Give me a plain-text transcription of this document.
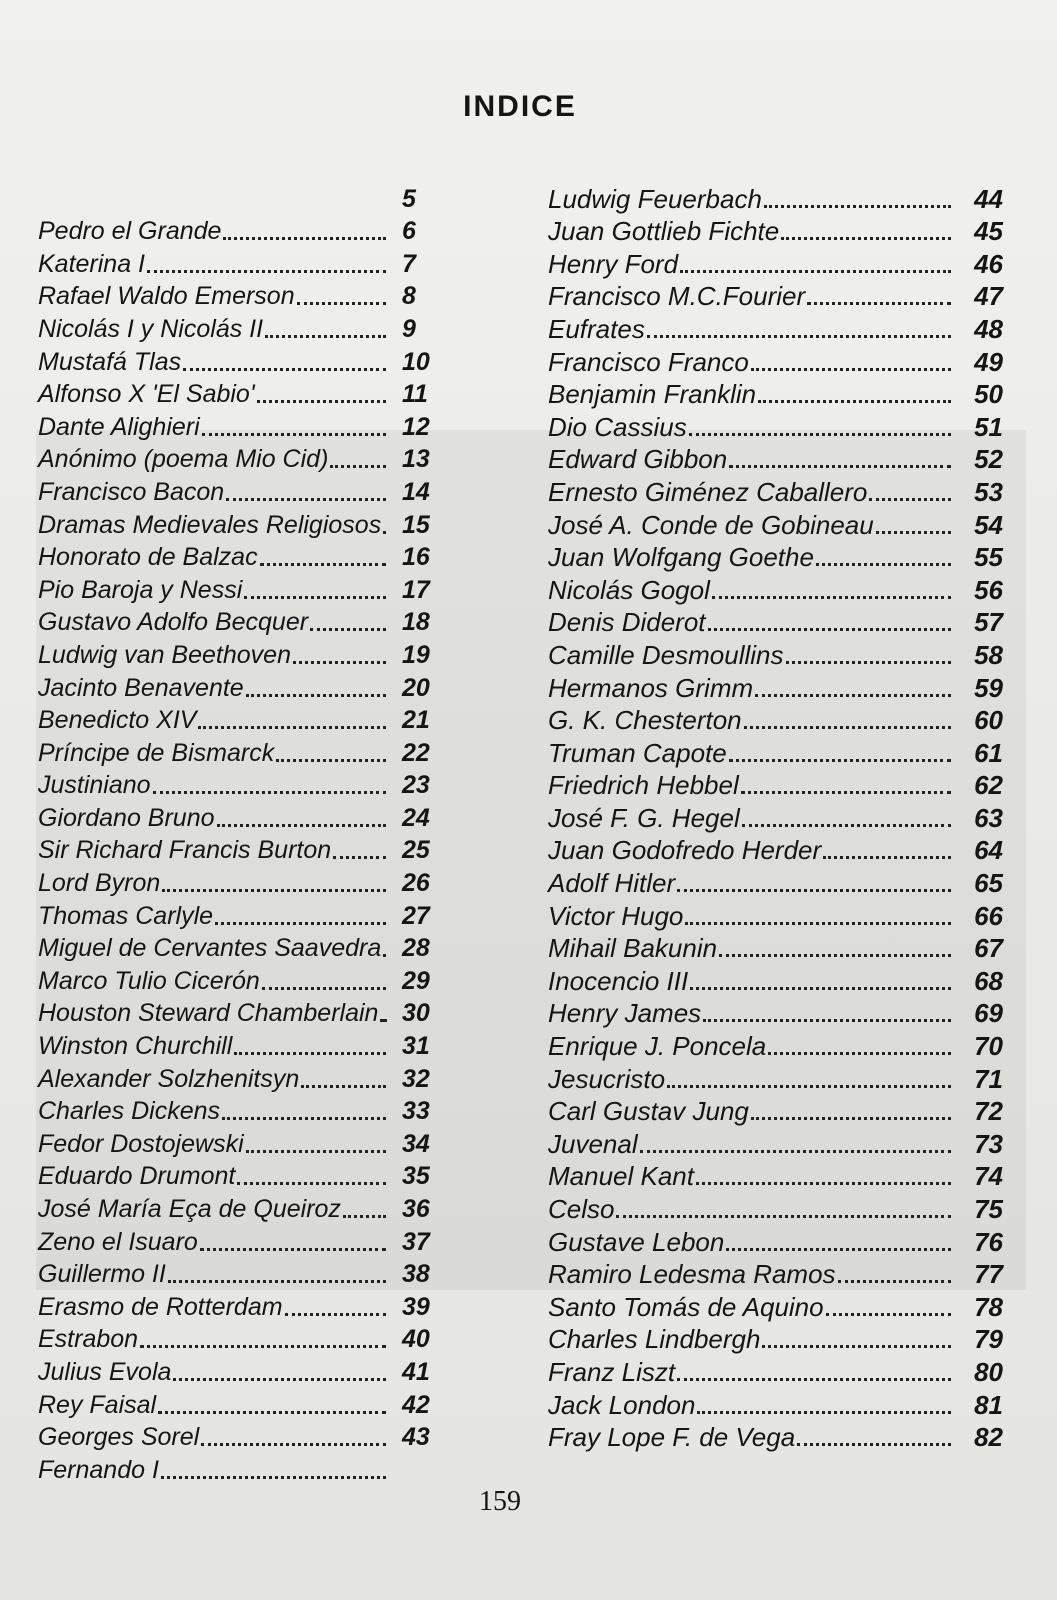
INDICE
5
Pedro el Grande	6
Katerina I	7
Rafael Waldo Emerson	8
Nicolás I y Nicolás II	9
Mustafá Tlas	10
Alfonso X 'El Sabio'	11
Dante Alighieri	12
Anónimo (poema Mio Cid)	13
Francisco Bacon	14
Dramas Medievales Religiosos 15
Honorato de Balzac	16
Pio Baroja y Nessi	17
Gustavo Adolfo Becquer	18
Ludwig van Beethoven	19
Jacinto Benavente	20
Benedicto XIV	21
Príncipe de Bismarck	22
Justiniano	23
Giordano Bruno	24
Sir Richard Francis Burton	25
Lord Byron	26
Thomas Carlyle	27
Miguel de Cervantes Saavedra 28
Marco Tulio Cicerón	29
Houston Steward Chamberlain 30
Winston Churchill	31
Alexander Solzhenitsyn	32
Charles Dickens	33
Fedor Dostojewski	34
Eduardo Drumont	35
José María Eça de Queiroz	36
Zeno el Isuaro	37
Guillermo II	38
Erasmo de Rotterdam	39
Estrabon	40
Julius Evola	41
Rey Faisal	42
Georges Sorel	43
Fernando I
Ludwig Feuerbach	44
Juan Gottlieb Fichte	45
Henry Ford	46
Francisco M.C.Fourier	47
Eufrates	48
Francisco Franco	49
Benjamin Franklin	50
Dio Cassius	51
Edward Gibbon	52
Ernesto Giménez Caballero	53
José A. Conde de Gobineau	54
Juan Wolfgang Goethe	55
Nicolás Gogol	56
Denis Diderot	57
Camille Desmoullins	58
Hermanos Grimm	59
G. K. Chesterton	60
Truman Capote	61
Friedrich Hebbel	62
José F. G. Hegel	63
Juan Godofredo Herder	64
Adolf Hitler	65
Victor Hugo	66
Mihail Bakunin	67
Inocencio III	68
Henry James	69
Enrique J. Poncela	70
Jesucristo	71
Carl Gustav Jung	72
Juvenal	73
Manuel Kant	74
Celso	75
Gustave Lebon	76
Ramiro Ledesma Ramos	77
Santo Tomás de Aquino	78
Charles Lindbergh	79
Franz Liszt	80
Jack London	81
Fray Lope F. de Vega	82
159
